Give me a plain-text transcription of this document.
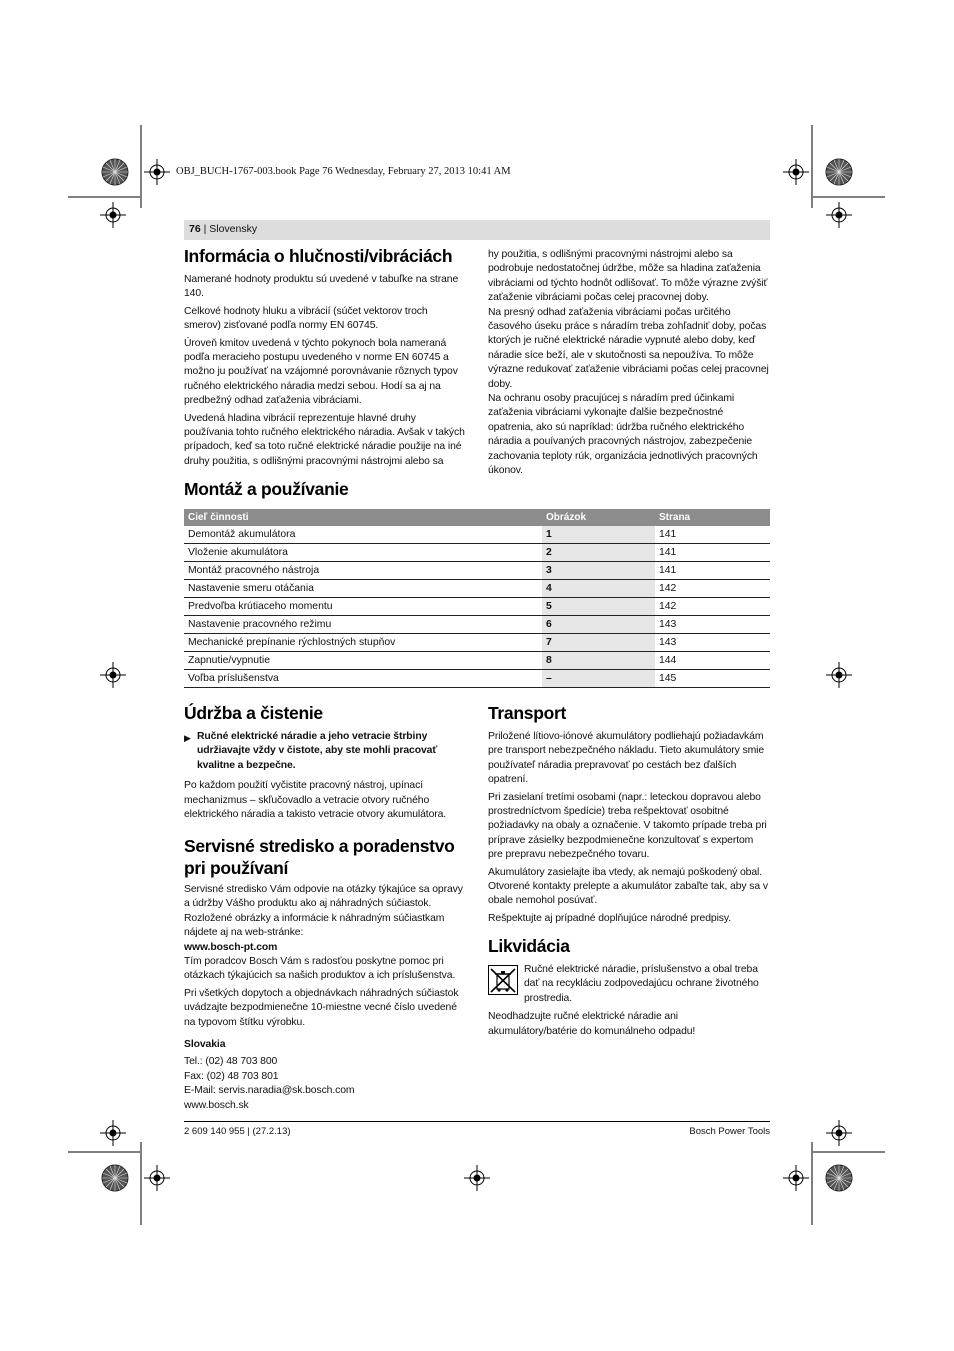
OBJ_BUCH-1767-003.book Page 76 Wednesday, February 27, 2013 10:41 AM
76 | Slovensky
Informácia o hlučnosti/vibráciách

Namerané hodnoty produktu sú uvedené v tabuľke na strane 140.

Celkové hodnoty hluku a vibrácií (súčet vektorov troch smerov) zisťované podľa normy EN 60745.

Úroveň kmitov uvedená v týchto pokynoch bola nameraná podľa meracieho postupu uvedeného v norme EN 60745 a možno ju používať na vzájomné porovnávanie rôznych typov ručného elektrického náradia medzi sebou. Hodí sa aj na predbežný odhad zaťaženia vibráciami.

Uvedená hladina vibrácií reprezentuje hlavné druhy používania tohto ručného elektrického náradia. Avšak v takých prípadoch, keď sa toto ručné elektrické náradie použije na iné druhy použitia, s odlišnými pracovnými nástrojmi alebo sa

hy použitia, s odlišnými pracovnými nástrojmi alebo sa podrobuje nedostatočnej údržbe, môže sa hladina zaťaženia vibráciami od týchto hodnôt odlišovať. To môže výrazne zvýšiť zaťaženie vibráciami počas celej pracovnej doby.

Na presný odhad zaťaženia vibráciami počas určitého časového úseku práce s náradím treba zohľadniť doby, počas ktorých je ručné elektrické náradie vypnuté alebo doby, keď náradie síce beží, ale v skutočnosti sa nepoužíva. To môže výrazne redukovať zaťaženie vibráciami počas celej pracovnej doby.

Na ochranu osoby pracujúcej s náradím pred účinkami zaťaženia vibráciami vykonajte ďalšie bezpečnostné opatrenia, ako sú napríklad: údržba ručného elektrického náradia a pouívaných pracovných nástrojov, zabezpečenie zachovania teploty rúk, organizácia jednotlivých pracovných úkonov.

Montáž a používanie
Cieľ činnosti	Obrázok	Strana
Demontáž akumulátora	1	141
Vloženie akumulátora	2	141
Montáž pracovného nástroja	3	141
Nastavenie smeru otáčania	4	142
Predvoľba krútiaceho momentu	5	142
Nastavenie pracovného režimu	6	143
Mechanické prepínanie rýchlostných stupňov	7	143
Zapnutie/vypnutie	8	144
Voľba príslušenstva	–	145
Údržba a čistenie
▶ Ručné elektrické náradie a jeho vetracie štrbiny udržiavajte vždy v čistote, aby ste mohli pracovať kvalitne a bezpečne.

Po každom použití vyčistite pracovný nástroj, upínací mechanizmus – skľučovadlo a vetracie otvory ručného elektrického náradia a takisto vetracie otvory akumulátora.

Servisné stredisko a poradenstvo
pri používaní

Servisné stredisko Vám odpovie na otázky týkajúce sa opravy a údržby Vášho produktu ako aj náhradných súčiastok. Rozložené obrázky a informácie k náhradným súčiastkam nájdete aj na web-stránke:

www.bosch-pt.com

Tím poradcov Bosch Vám s radosťou poskytne pomoc pri otázkach týkajúcich sa našich produktov a ich príslušenstva.

Pri všetkých dopytoch a objednávkach náhradných súčiastok uvádzajte bezpodmienečne 10-miestne vecné číslo uvedené na typovom štítku výrobku.

Slovakia

Tel.: (02) 48 703 800

Fax: (02) 48 703 801

E-Mail: servis.naradia@sk.bosch.com

www.bosch.sk

Transport

Priložené lítiovo-iónové akumulátory podliehajú požiadavkám pre transport nebezpečného nákladu. Tieto akumulátory smie používateľ náradia prepravovať po cestách bez ďalších opatrení.

Pri zasielaní tretími osobami (napr.: leteckou dopravou alebo prostredníctvom špedície) treba rešpektovať osobitné požiadavky na obaly a označenie. V takomto prípade treba pri príprave zásielky bezpodmienečne konzultovať s expertom pre prepravu nebezpečného tovaru.

Akumulátory zasielajte iba vtedy, ak nemajú poškodený obal. Otvorené kontakty prelepte a akumulátor zabaľte tak, aby sa v obale nemohol posúvať.

Rešpektujte aj prípadné doplňujúce národné predpisy.

Likvidácia
Ručné elektrické náradie, príslušenstvo a obal treba dať na recykláciu zodpovedajúcu ochrane životného prostredia.

Neodhadzujte ručné elektrické náradie ani akumulátory/batérie do komunálneho odpadu!

2 609 140 955 | (27.2.13)	Bosch Power Tools
